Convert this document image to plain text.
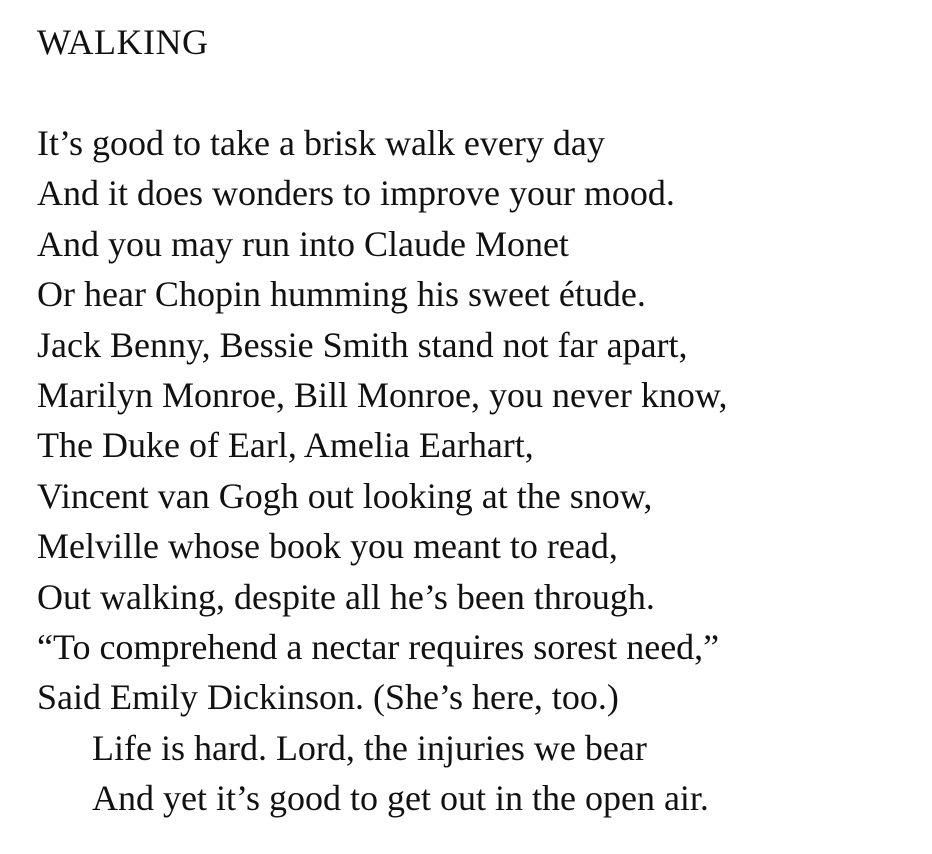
WALKING
It’s good to take a brisk walk every day
And it does wonders to improve your mood.
And you may run into Claude Monet
Or hear Chopin humming his sweet étude.
Jack Benny, Bessie Smith stand not far apart,
Marilyn Monroe, Bill Monroe, you never know,
The Duke of Earl, Amelia Earhart,
Vincent van Gogh out looking at the snow,
Melville whose book you meant to read,
Out walking, despite all he’s been through.
“To comprehend a nectar requires sorest need,”
Said Emily Dickinson. (She’s here, too.)
Life is hard. Lord, the injuries we bear
And yet it’s good to get out in the open air.
